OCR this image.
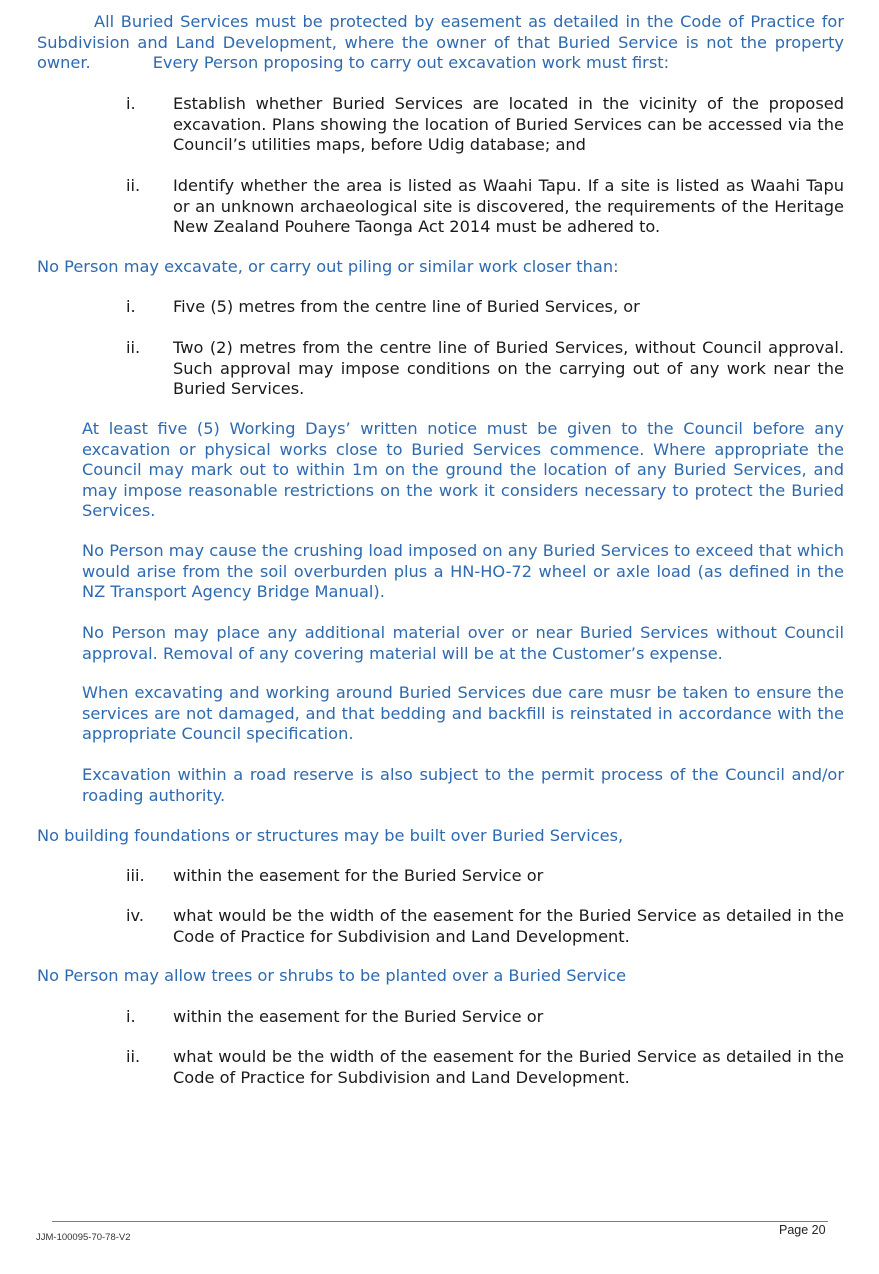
All Buried Services must be protected by easement as detailed in the Code of Practice for Subdivision and Land Development, where the owner of that Buried Service is not the property owner.	Every Person proposing to carry out excavation work must first:

i.	Establish whether Buried Services are located in the vicinity of the proposed excavation. Plans showing the location of Buried Services can be accessed via the Council’s utilities maps, before Udig database; and
ii.	Identify whether the area is listed as Waahi Tapu. If a site is listed as Waahi Tapu or an unknown archaeological site is discovered, the requirements of the Heritage New Zealand Pouhere Taonga Act 2014 must be adhered to.
No Person may excavate, or carry out piling or similar work closer than:
i.	Five (5) metres from the centre line of Buried Services, or
ii.	Two (2) metres from the centre line of Buried Services, without Council approval. Such approval may impose conditions on the carrying out of any work near the Buried Services.

At least five (5) Working Days’ written notice must be given to the Council before any excavation or physical works close to Buried Services commence. Where appropriate the Council may mark out to within 1m on the ground the location of any Buried Services, and may impose reasonable restrictions on the work it considers necessary to protect the Buried Services.

No Person may cause the crushing load imposed on any Buried Services to exceed that which would arise from the soil overburden plus a HN-HO-72 wheel or axle load (as defined in the NZ Transport Agency Bridge Manual).

No Person may place any additional material over or near Buried Services without Council approval. Removal of any covering material will be at the Customer’s expense.

When excavating and working around Buried Services due care musr be taken to ensure the services are not damaged, and that bedding and backfill is reinstated in accordance with the appropriate Council specification.

Excavation within a road reserve is also subject to the permit process of the Council and/or roading authority.

No building foundations or structures may be built over Buried Services,
iii.	within the easement for the Buried Service or
iv.	what would be the width of the easement for the Buried Service as detailed in the Code of Practice for Subdivision and Land Development.
No Person may allow trees or shrubs to be planted over a Buried Service
i.	within the easement for the Buried Service or
ii.	what would be the width of the easement for the Buried Service as detailed in the Code of Practice for Subdivision and Land Development.
JJM-100095-70-78-V2
Page 20
